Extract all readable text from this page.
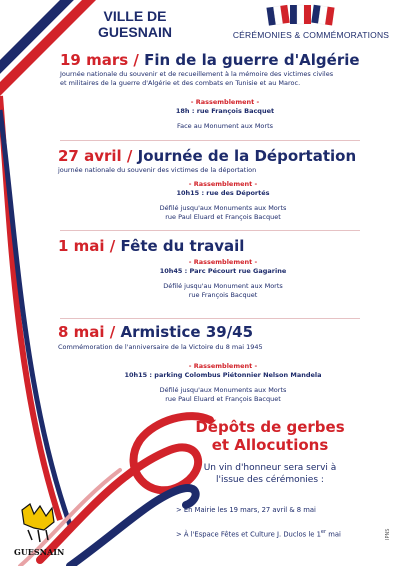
VILLE DE
GUESNAIN	CÉRÉMONIES & COMMÉMORATIONS
19 mars / Fin de la guerre d'Algérie
Journée nationale du souvenir et de recueillement à la mémoire des victimes civiles
et militaires de la guerre d'Algérie et des combats en Tunisie et au Maroc.
- Rassemblement -
18h : rue François Bacquet
Face au Monument aux Morts
27 avril / Journée de la Déportation
journée nationale du souvenir des victimes de la déportation
- Rassemblement -
10h15 : rue des Déportés
Défilé jusqu'aux Monuments aux Morts
rue Paul Eluard et François Bacquet
1 mai / Fête du travail
- Rassemblement -
10h45 : Parc Pécourt rue Gagarine
Défilé jusqu'au Monument aux Morts
rue François Bacquet
8 mai / Armistice 39/45
Commémoration de l'anniversaire de la Victoire du 8 mai 1945
- Rassemblement -
10h15 : parking Colombus Piétonnier Nelson Mandela
Défilé jusqu'aux Monuments aux Morts
rue Paul Eluard et François Bacquet
Dépôts de gerbes
et Allocutions
Un vin d'honneur sera servi à
l'issue des cérémonies :
> En Mairie les 19 mars, 27 avril & 8 mai
> À l'Espace Fêtes et Culture J. Duclos le 1er mai
GUESNAIN
IPNS
